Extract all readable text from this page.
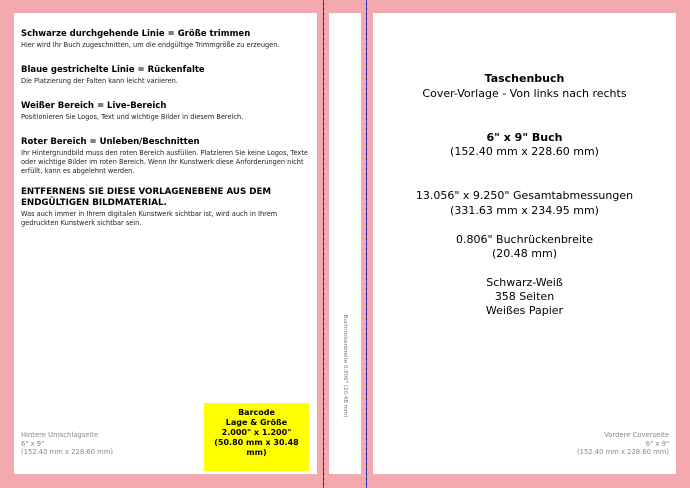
Schwarze durchgehende Linie = Größe trimmen

Hier wird Ihr Buch zugeschnitten, um die endgültige Trimmgröße zu erzeugen.

Blaue gestrichelte Linie = Rückenfalte

Die Platzierung der Falten kann leicht variieren.

Weißer Bereich = Live-Bereich

Positionieren Sie Logos, Text und wichtige Bilder in diesem Bereich.

Roter Bereich = Unleben/Beschnitten

Ihr Hintergrundbild muss den roten Bereich ausfüllen. Platzieren Sie keine Logos, Texte oder wichtige Bilder im roten Bereich. Wenn Ihr Kunstwerk diese Anforderungen nicht erfüllt, kann es abgelehnt werden.

ENTFERNENS SIE DIESE VORLAGENEBENE AUS DEM ENDGÜLTIGEN BILDMATERIAL.

Was auch immer in Ihrem digitalen Kunstwerk sichtbar ist, wird auch in Ihrem gedruckten Kunstwerk sichtbar sein.

Hintere Umschlagseite
6" x 9"
(152.40 mm x 228.60 mm)
Barcode
Lage & Größe
2.000" x 1.200"
(50.80 mm x 30.48 mm)
Buchrückenbreite 0.806" (20.48 mm)
Taschenbuch
Cover-Vorlage - Von links nach rechts
6" x 9" Buch
(152.40 mm x 228.60 mm)
13.056" x 9.250" Gesamtabmessungen
(331.63 mm x 234.95 mm)
0.806" Buchrückenbreite
(20.48 mm)
Schwarz-Weiß
358 Seiten
Weißes Papier
Vordere Coverseite
6" x 9"
(152.40 mm x 228.60 mm)
